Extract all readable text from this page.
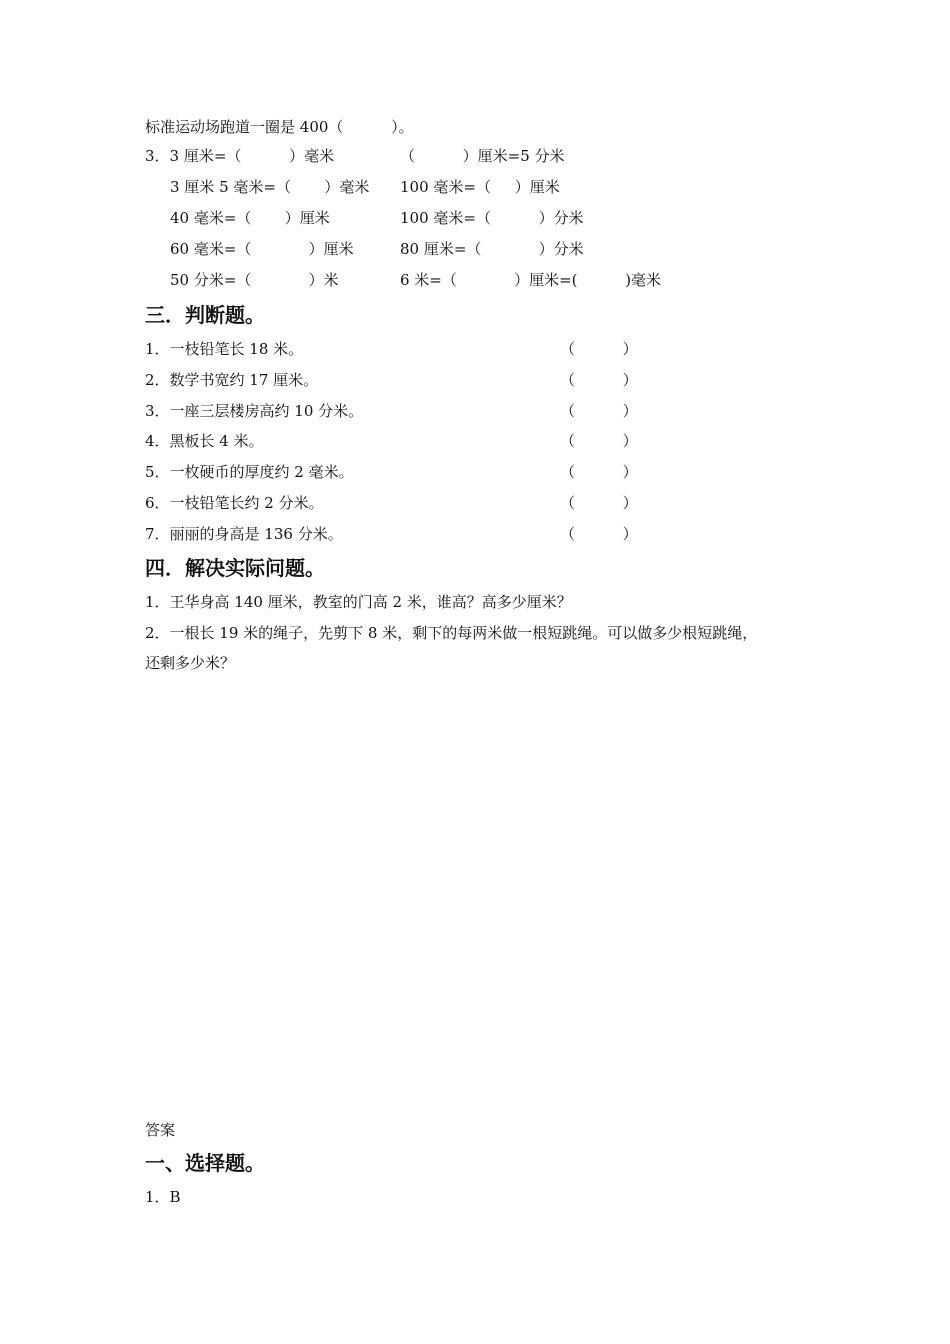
标准运动场跑道一圈是 400（          ）。
3．3 厘米=（          ）毫米	（          ）厘米=5 分米
3 厘米 5 毫米=（       ）毫米 100 毫米=（     ）厘米
40 毫米=（       ）厘米	100 毫米=（          ）分米
60 毫米=（            ）厘米	80 厘米=（            ）分米
50 分米=（            ）米	6 米=（            ）厘米=(          )毫米
三．判断题。
1．一枝铅笔长 18 米。	（          ）
2．数学书宽约 17 厘米。	（          ）
3．一座三层楼房高约 10 分米。	（          ）
4．黑板长 4 米。	（          ）
5．一枚硬币的厚度约 2 毫米。	（          ）
6．一枝铅笔长约 2 分米。	（          ）
7．丽丽的身高是 136 分米。	（          ）
四．解决实际问题。
1．王华身高 140 厘米，教室的门高 2 米，谁高？高多少厘米？
2．一根长 19 米的绳子，先剪下 8 米，剩下的每两米做一根短跳绳。可以做多少根短跳绳，
还剩多少米？
答案
一、选择题。
1．B
